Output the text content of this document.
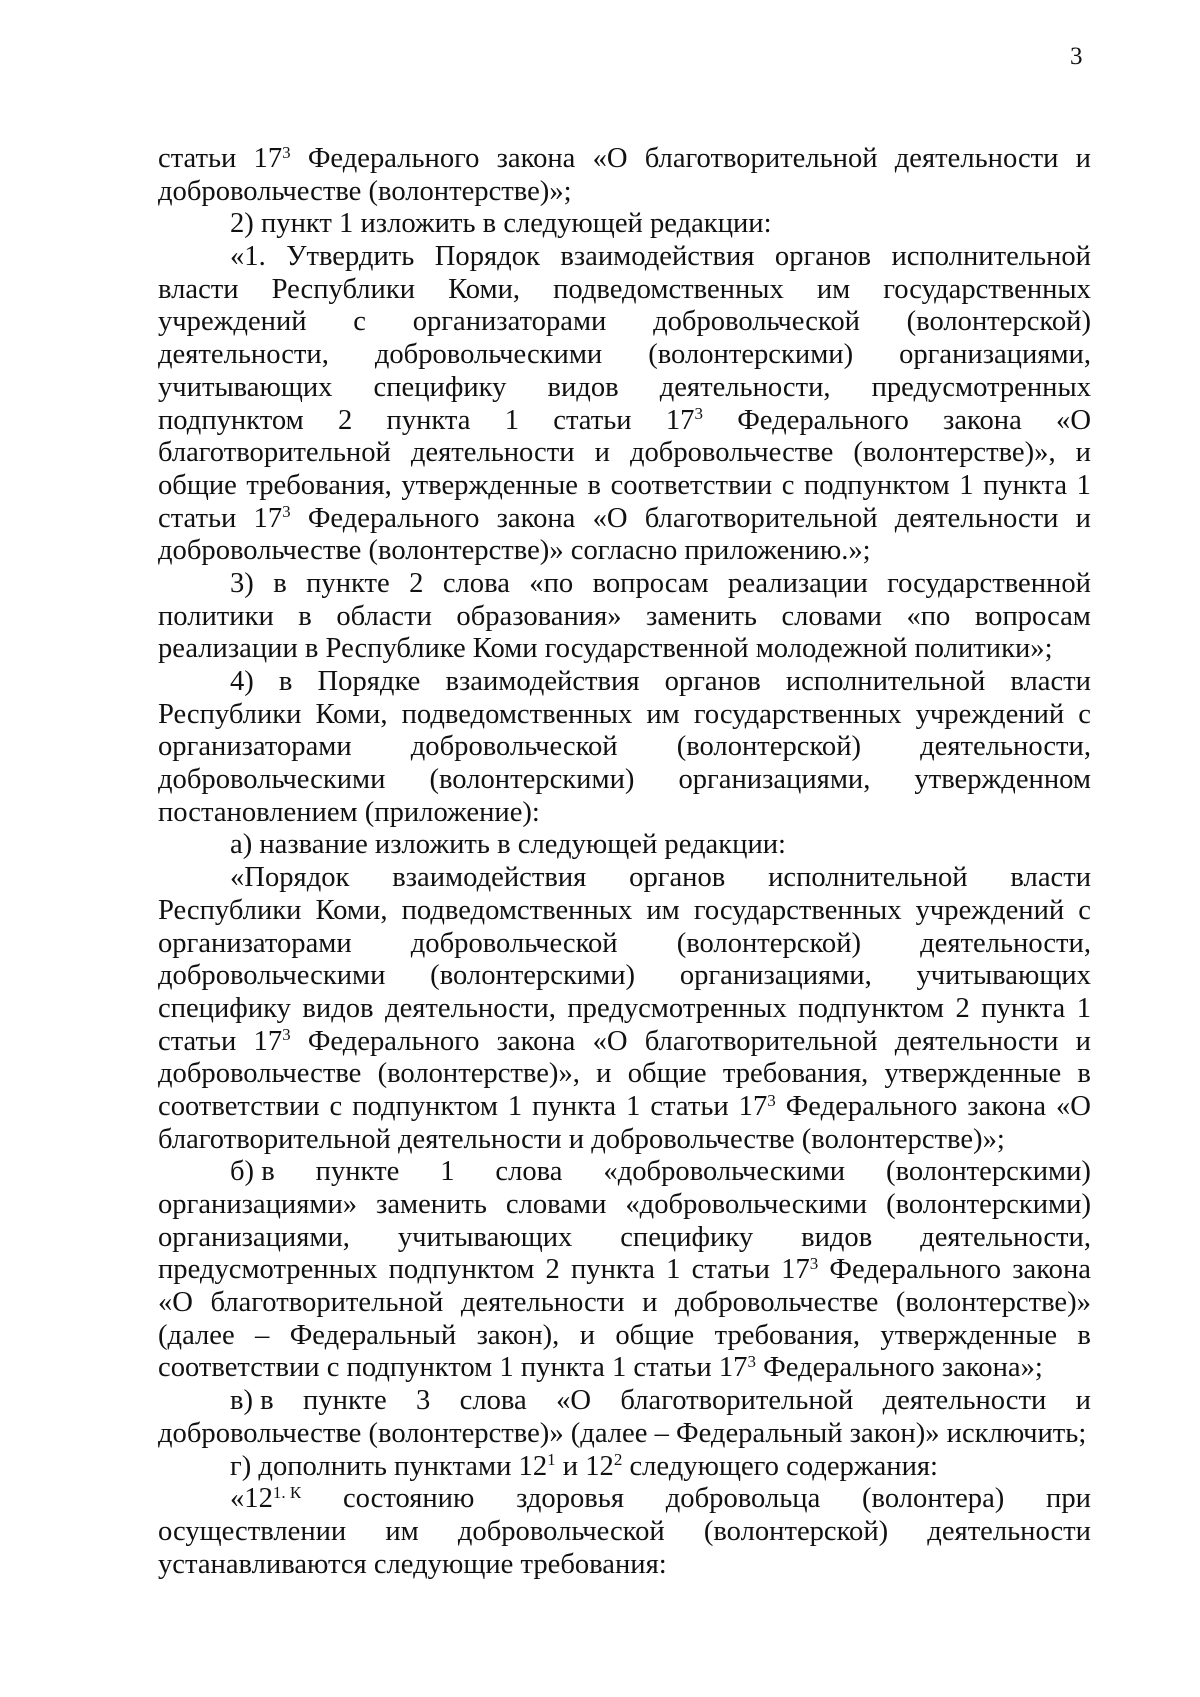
3
статьи $17^3$ Федерального закона «О благотворительной деятельности и
добровольчестве (волонтерстве)»;
2) пункт 1 изложить в следующей редакции:
«1. Утвердить Порядок взаимодействия органов исполнительной
власти Республики Коми, подведомственных им государственных
учреждений с организаторами добровольческой (волонтерской)
деятельности, добровольческими (волонтерскими) организациями,
учитывающих специфику видов деятельности, предусмотренных
подпунктом 2 пункта 1 статьи $17^3$ Федерального закона «О
благотворительной деятельности и добровольчестве (волонтерстве)», и
общие требования, утвержденные в соответствии с подпунктом 1 пункта 1
статьи $17^3$ Федерального закона «О благотворительной деятельности и
добровольчестве (волонтерстве)» согласно приложению.»;
3) в пункте 2 слова «по вопросам реализации государственной
политики в области образования» заменить словами «по вопросам
реализации в Республике Коми государственной молодежной политики»;
4) в Порядке взаимодействия органов исполнительной власти
Республики Коми, подведомственных им государственных учреждений с
организаторами добровольческой (волонтерской) деятельности,
добровольческими (волонтерскими) организациями, утвержденном
постановлением (приложение):
а) название изложить в следующей редакции:
«Порядок взаимодействия органов исполнительной власти
Республики Коми, подведомственных им государственных учреждений с
организаторами добровольческой (волонтерской) деятельности,
добровольческими (волонтерскими) организациями, учитывающих
специфику видов деятельности, предусмотренных подпунктом 2 пункта 1
статьи $17^3$ Федерального закона «О благотворительной деятельности и
добровольчестве (волонтерстве)», и общие требования, утвержденные в
соответствии с подпунктом 1 пункта 1 статьи $17^3$ Федерального закона «О
благотворительной деятельности и добровольчестве (волонтерстве)»;
б) в пункте 1 слова «добровольческими (волонтерскими)
организациями» заменить словами «добровольческими (волонтерскими)
организациями, учитывающих специфику видов деятельности,
предусмотренных подпунктом 2 пункта 1 статьи $17^3$ Федерального закона
«О благотворительной деятельности и добровольчестве (волонтерстве)»
(далее – Федеральный закон), и общие требования, утвержденные в
соответствии с подпунктом 1 пункта 1 статьи $17^3$ Федерального закона»;
в) в пункте 3 слова «О благотворительной деятельности и
добровольчестве (волонтерстве)» (далее – Федеральный закон)» исключить;
г) дополнить пунктами $12^1$ и $12^2$ следующего содержания:
«$12^{1. К}$ состоянию здоровья добровольца (волонтера) при
осуществлении им добровольческой (волонтерской) деятельности
устанавливаются следующие требования:
